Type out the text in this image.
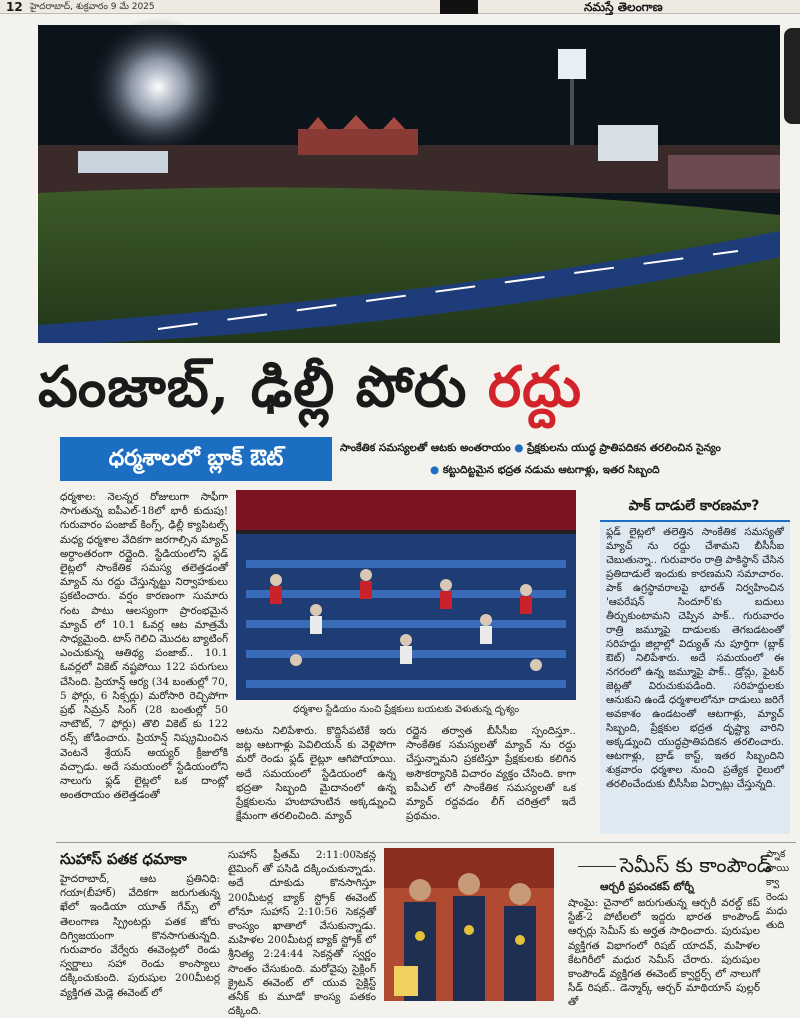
12 హైదరాబాద్, శుక్రవారం 9 మే 2025	నమస్తే తెలంగాణ
పంజాబ్, ఢిల్లీ పోరు రద్దు
ధర్మశాలలో బ్లాక్ ఔట్	సాంకేతిక సమస్యలతో ఆటకు అంతరాయం ● ప్రేక్షకులను యుద్ధ ప్రాతిపదికన తరలించిన సైన్యం
● కట్టుదిట్టమైన భద్రత నడుమ ఆటగాళ్లు, ఇతర సిబ్బంది
ధర్మశాల: నెలన్నర రోజులుగా సాఫీగా సాగుతున్న ఐపీఎల్-18లో భారీ కుదుపు! గురువారం పంజాబ్ కింగ్స్, ఢిల్లీ క్యాపిటల్స్ మధ్య ధర్మశాల వేదికగా జరగాల్సిన మ్యాచ్ అర్ధాంతరంగా రద్దైంది. స్టేడియంలోని ఫ్లడ్ లైట్లలో సాంకేతిక సమస్య తలెత్తడంతో మ్యాచ్ ను రద్దు చేస్తున్నట్టు నిర్వాహకులు ప్రకటించారు. వర్షం కారణంగా సుమారు గంట పాటు ఆలస్యంగా ప్రారంభమైన మ్యాచ్ లో 10.1 ఓవర్ల ఆట మాత్రమే సాధ్యమైంది. టాస్ గెలిచి మొదట బ్యాటింగ్ ఎంచుకున్న ఆతిథ్య పంజాబ్.. 10.1 ఓవర్లలో వికెట్ నష్టపోయి 122 పరుగులు చేసింది. ప్రియాన్ష్ ఆర్య (34 బంతుల్లో 70, 5 ఫోర్లు, 6 సిక్సర్లు) మరోసారి రెచ్చిపోగా ప్రభ్ సిమ్రన్ సింగ్ (28 బంతుల్లో 50 నాటౌట్, 7 ఫోర్లు) తొలి వికెట్ కు 122 రన్స్ జోడించారు. ప్రియాన్ష్ నిష్క్రమించిన వెంటనే శ్రేయస్ అయ్యర్ క్రీజులోకి వచ్చాడు. అదే సమయంలో స్టేడియంలోని నాలుగు ఫ్లడ్ లైట్లలో ఒక దాంట్లో అంతరాయం తలెత్తడంతో
ధర్మశాల స్టేడియం నుంచి ప్రేక్షకులు బయటకు వెళుతున్న దృశ్యం
ఆటను నిలిపేశారు. కొద్దిసేపటికే ఇరు జట్ల ఆటగాళ్లు పెవిలియన్ కు వెళ్లిపోగా మరో రెండు ఫ్లడ్ లైట్లూ ఆగిపోయాయి. అదే సమయంలో స్టేడియంలో ఉన్న భద్రతా సిబ్బంది మైదానంలో ఉన్న ప్రేక్షకులను హుటాహుటిన అక్కడ్నుంచి క్షేమంగా తరలించింది. మ్యాచ్
రద్దైన తర్వాత బీసీసీఐ స్పందిస్తూ.. సాంకేతిక సమస్యలతో మ్యాచ్ ను రద్దు చేస్తున్నామని ప్రకటిస్తూ ప్రేక్షకులకు కలిగిన అసౌకర్యానికి విచారం వ్యక్తం చేసింది. కాగా ఐపీఎల్ లో సాంకేతిక సమస్యలతో ఒక మ్యాచ్ రద్దవడం లీగ్ చరిత్రలో ఇదే ప్రథమం.
పాక్ దాడులే కారణమా?
ఫ్లడ్ లైట్లలో తలెత్తిన సాంకేతిక సమస్యతో మ్యాచ్ ను రద్దు చేశామని బీసీసీఐ చెబుతున్నా.. గురువారం రాత్రి పాకిస్థాన్ చేసిన ప్రతిదాడులే ఇందుకు కారణమని సమాచారం. పాక్ ఉగ్రస్థావరాలపై భారత్ నిర్వహించిన 'ఆపరేషన్ సిందూర్'కు బదులు తీర్చుకుంటామని చెప్పిన పాక్.. గురువారం రాత్రి జమ్మూపై దాడులకు తెగబడటంతో సరిహద్దు జిల్లాల్లో విద్యుత్ ను పూర్తిగా (బ్లాక్ ఔట్) నిలిపేశారు. అదే సమయంలో ఈ నగరంలో ఉన్న జమ్మూపై పాక్.. డ్రోన్లు, ఫైటర్ జెట్లతో విరుచుకుపడింది. సరిహద్దులకు ఆనుకుని ఉండే ధర్మశాలలోనూ దాడులు జరిగే అవకాశం ఉండటంతో ఆటగాళ్లు, మ్యాచ్ సిబ్బంది, ప్రేక్షకుల భద్రత దృష్ట్యా వారిని అక్కడ్నుంచి యుద్ధప్రాతిపదికన తరలించారు. ఆటగాళ్లు, బ్రాడ్ కాస్ట్, ఇతర సిబ్బందిని శుక్రవారం ధర్మశాల నుంచి ప్రత్యేక రైలులో తరలించేందుకు బీసీసీఐ ఏర్పాట్లు చేస్తున్నది.
సుహాస్ పతక ధమాకా
హైదరాబాద్, ఆట ప్రతినిధి: గయా(బీహార్) వేదికగా జరుగుతున్న ఖేలో ఇండియా యూత్ గేమ్స్ లో తెలంగాణ స్ప్రింటర్లు పతక జోరు దిగ్విజయంగా కొనసాగుతున్నది. గురువారం వేర్వేరు ఈవెంట్లలో రెండు స్వర్ణాలు సహా రెండు కాంస్యాలు దక్కించుకుంది. పురుషుల 200మీటర్ల వ్యక్తిగత మెడ్లె ఈవెంట్ లో
సుహాస్ ప్రీతమ్ 2:11:00సెకన్ల టైమింగ్ తో పసిడి దక్కించుకున్నాడు. అదే దూకుడు కొనసాగిస్తూ 200మీటర్ల బ్యాక్ స్ట్రోక్ ఈవెంట్ లోనూ సుహాస్ 2:10:56 సెకన్లతో కాంస్యం ఖాతాలో వేసుకున్నాడు. మహిళల 200మీటర్ల బ్యాక్ స్ట్రోక్ లో శ్రీనిత్య 2:24:44 సెకన్లతో స్వర్ణం సొంతం చేసుకుంది. మరోవైపు సైక్లింగ్ క్రైటన్ ఈవెంట్ లో యువ సైక్లిస్ట్ తనీక్ కు మూడో కాంస్య పతకం దక్కింది.
సెమీస్ కు కాంపౌండ్
ఆర్చరీ ప్రపంచకప్ టోర్నీ
షాంఘై: చైనాలో జరుగుతున్న ఆర్చరీ వరల్డ్ కప్ స్టేజ్-2 పోటీలలో ఇద్దరు భారత కాంపౌండ్ ఆర్చర్లు సెమీస్ కు అర్హత సాధించారు. పురుషుల వ్యక్తిగత విభాగంలో రిషబ్ యాదవ్, మహిళల కేటగిరీలో మధుర సెమీస్ చేరారు. పురుషుల కాంపౌండ్ వ్యక్తిగత ఈవెంట్ క్వార్టర్స్ లో నాలుగో సీడ్ రిషబ్.. డెన్మార్క్ ఆర్చర్ మాథియాస్ పుల్లర్ తో
స్నాక పాయి క్వా రెండు మధు తుది
